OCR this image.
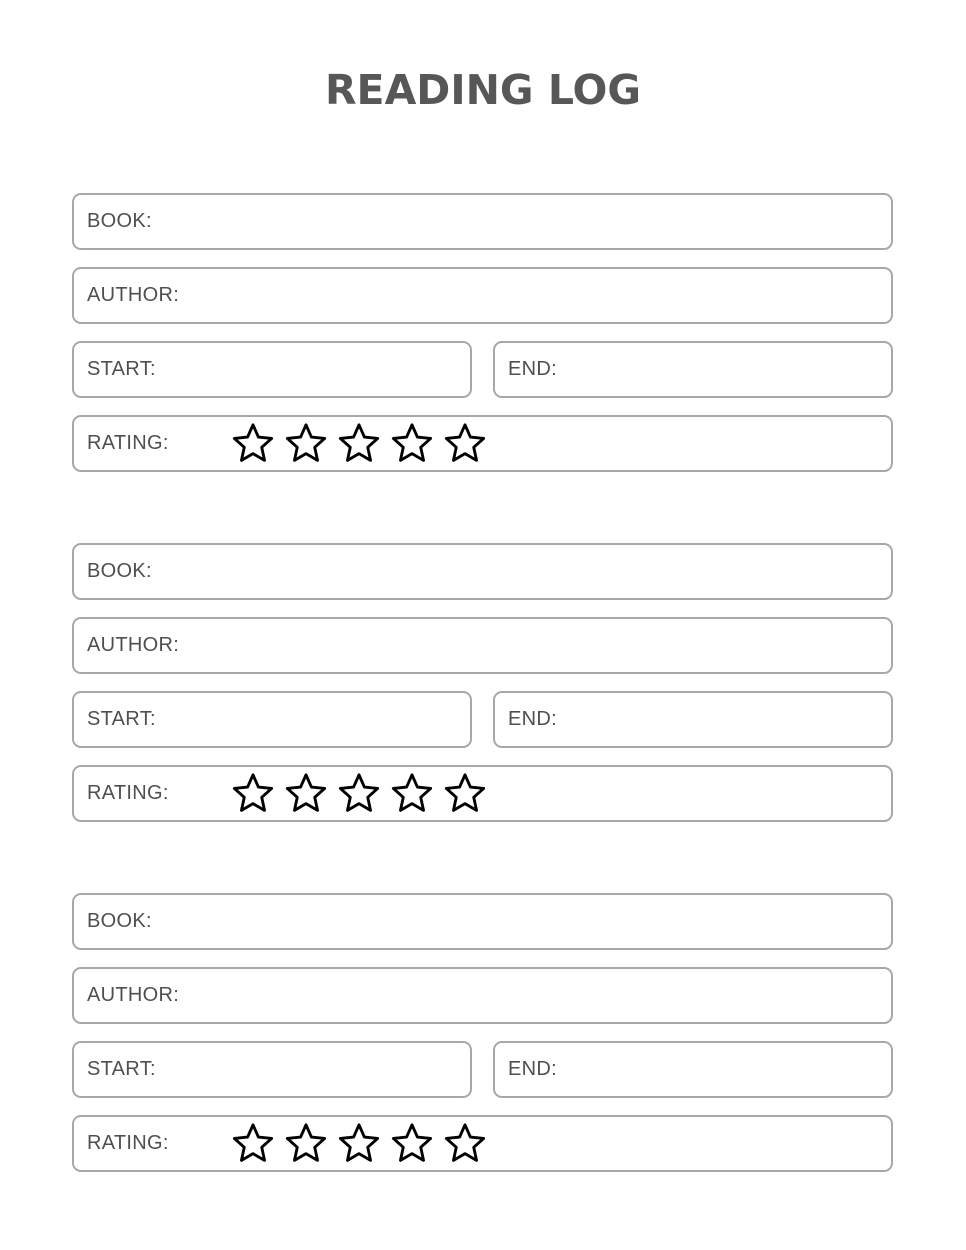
READING LOG
BOOK:
AUTHOR:
START:	END:
RATING:
BOOK:
AUTHOR:
START:	END:
RATING:
BOOK:
AUTHOR:
START:	END:
RATING:
